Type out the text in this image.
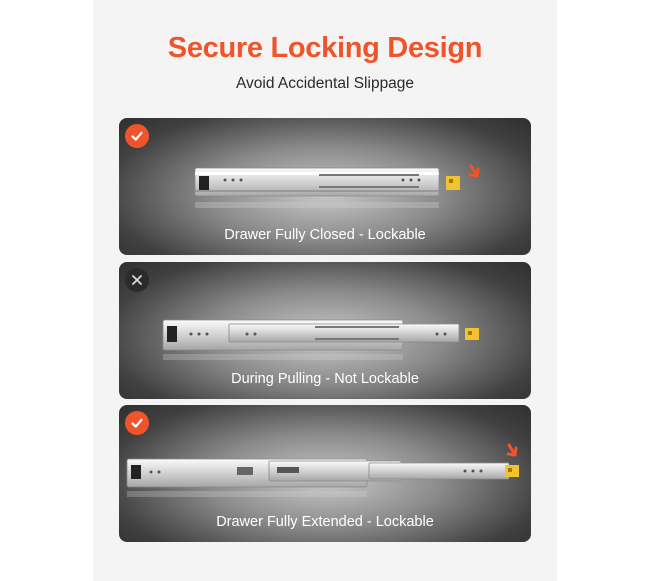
Secure Locking Design
Avoid Accidental Slippage
Drawer Fully Closed - Lockable
During Pulling - Not Lockable
Drawer Fully Extended - Lockable
